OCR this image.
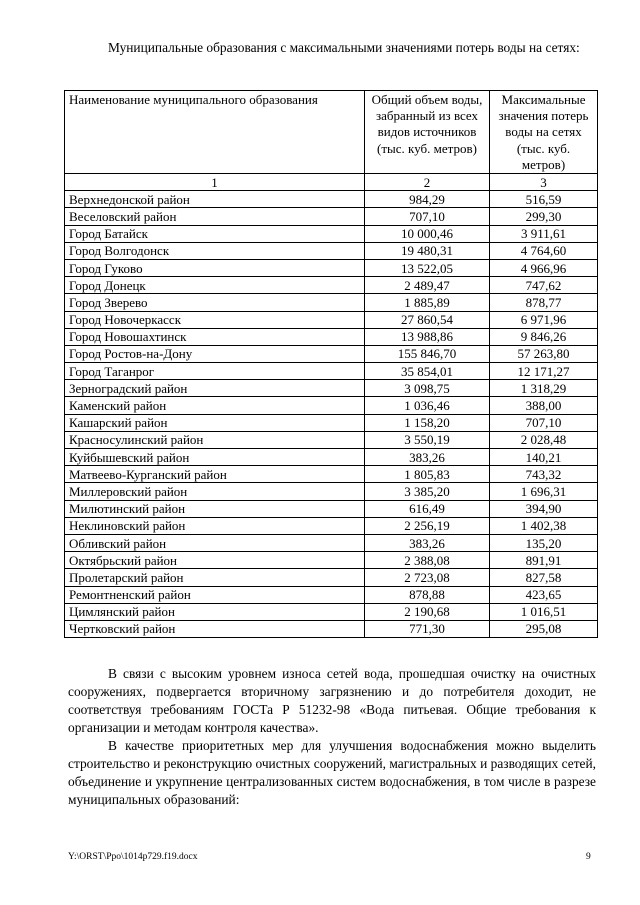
Муниципальные образования с максимальными значениями потерь воды на сетях:

Наименование муниципального образования	Общий объем воды, забранный из всех видов источников (тыс. куб. метров)	Максимальные значения потерь воды на сетях (тыс. куб. метров)
1	2	3
Верхнедонской район	984,29	516,59
Веселовский район	707,10	299,30
Город Батайск	10 000,46	3 911,61
Город Волгодонск	19 480,31	4 764,60
Город Гуково	13 522,05	4 966,96
Город Донецк	2 489,47	747,62
Город Зверево	1 885,89	878,77
Город Новочеркасск	27 860,54	6 971,96
Город Новошахтинск	13 988,86	9 846,26
Город Ростов-на-Дону	155 846,70	57 263,80
Город Таганрог	35 854,01	12 171,27
Зерноградский район	3 098,75	1 318,29
Каменский район	1 036,46	388,00
Кашарский район	1 158,20	707,10
Красносулинский район	3 550,19	2 028,48
Куйбышевский район	383,26	140,21
Матвеево-Курганский район	1 805,83	743,32
Миллеровский район	3 385,20	1 696,31
Милютинский район	616,49	394,90
Неклиновский район	2 256,19	1 402,38
Обливский район	383,26	135,20
Октябрьский район	2 388,08	891,91
Пролетарский район	2 723,08	827,58
Ремонтненский район	878,88	423,65
Цимлянский район	2 190,68	1 016,51
Чертковский район	771,30	295,08

В связи с высоким уровнем износа сетей вода, прошедшая очистку на очистных сооружениях, подвергается вторичному загрязнению и до потребителя доходит, не соответствуя требованиям ГОСТа Р 51232-98 «Вода питьевая. Общие требования к организации и методам контроля качества».

В качестве приоритетных мер для улучшения водоснабжения можно выделить строительство и реконструкцию очистных сооружений, магистральных и разводящих сетей, объединение и укрупнение централизованных систем водоснабжения, в том числе в разрезе муниципальных образований:

Y:\ORST\Ppo\1014p729.f19.docx	9
